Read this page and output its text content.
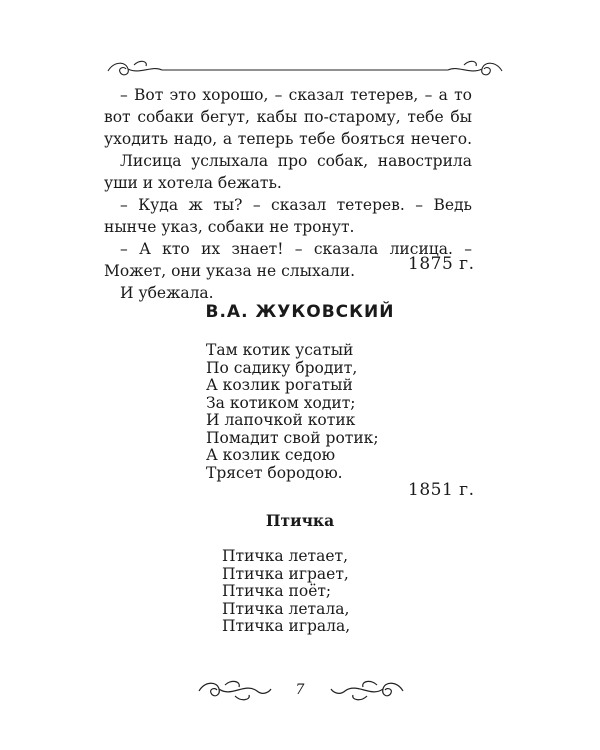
– Вот это хорошо, – сказал тетерев, – а то вот собаки бегут, кабы по-старому, тебе бы уходить надо, а теперь тебе бояться нечего.

Лисица услыхала про собак, навострила уши и хотела бежать.

– Куда ж ты? – сказал тетерев. – Ведь нынче указ, собаки не тронут.

– А кто их знает! – сказала лисица. – Может, они указа не слыхали.

И убежала.

1875 г.
В.А. ЖУКОВСКИЙ
Там котик усатый
По садику бродит,
А козлик рогатый
За котиком ходит;
И лапочкой котик
Помадит свой ротик;
А козлик седою
Трясет бородою.
1851 г.
Птичка
Птичка летает,
Птичка играет,
Птичка поёт;
Птичка летала,
Птичка играла,
7
